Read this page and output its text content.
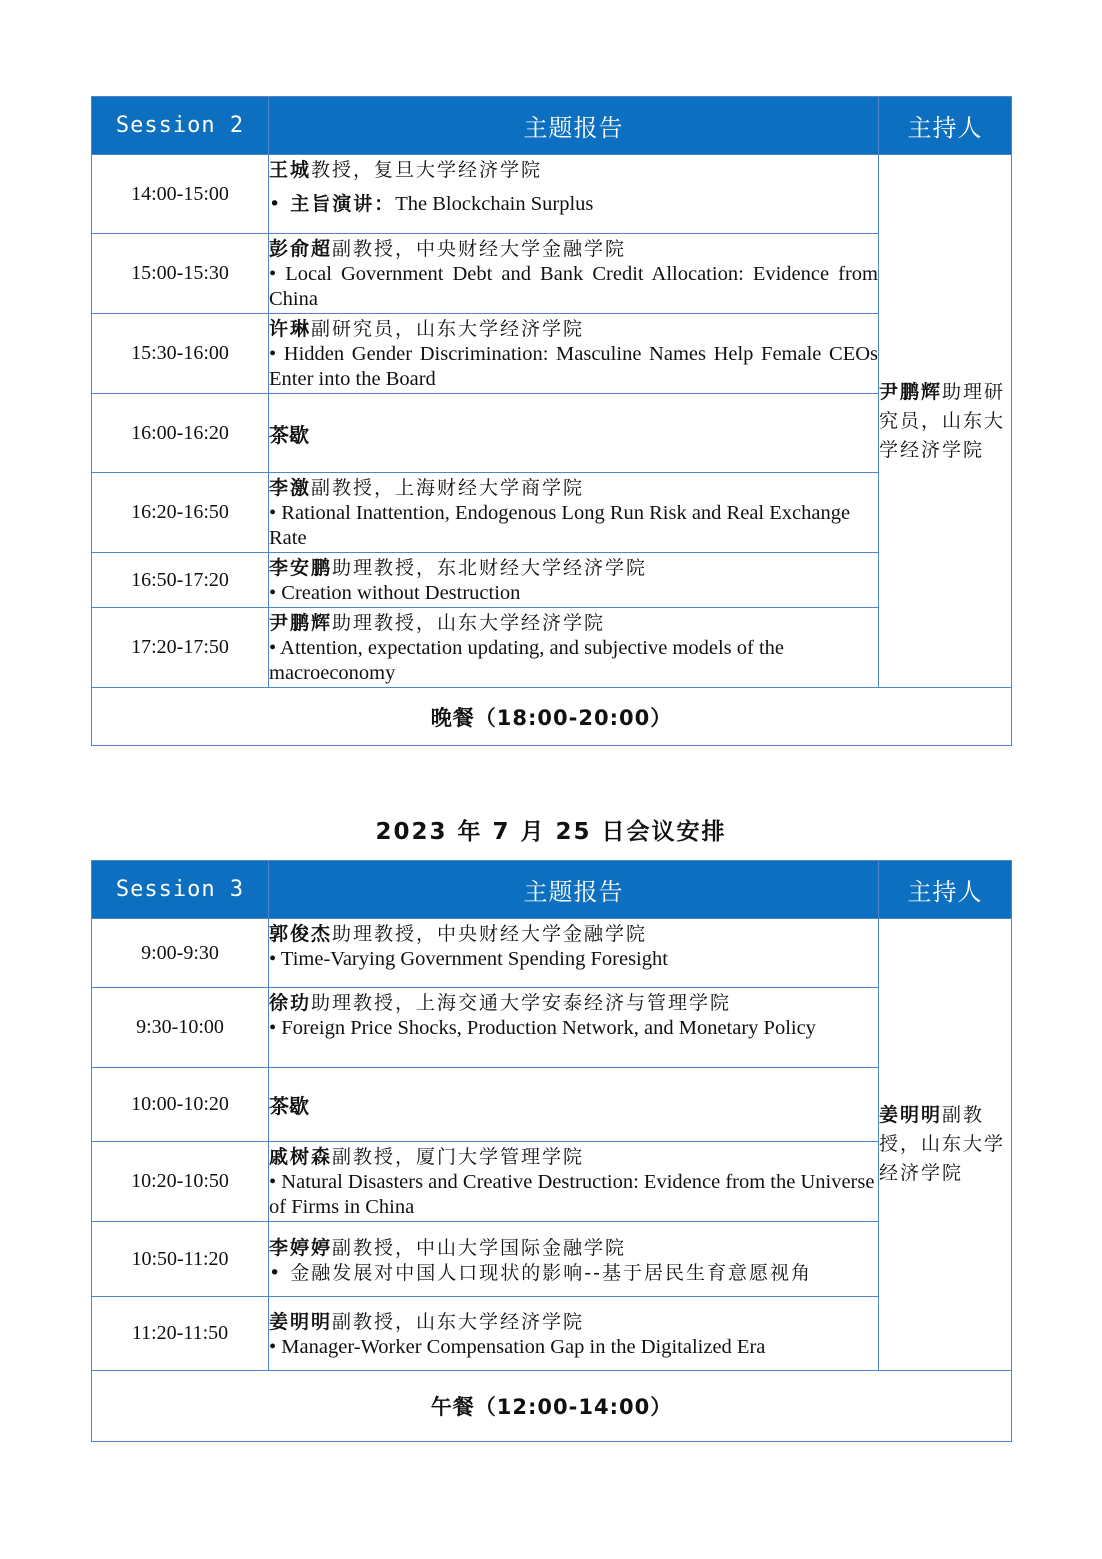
Session 2	主题报告	主持人
14:00-15:00	王城教授，复旦大学经济学院
• 主旨演讲：The Blockchain Surplus	尹鹏辉助理研究员，山东大学经济学院
15:00-15:30	彭俞超副教授，中央财经大学金融学院
• Local Government Debt and Bank Credit Allocation: Evidence from China	

15:30-16:00	许琳副研究员，山东大学经济学院
• Hidden Gender Discrimination: Masculine Names Help Female CEOs Enter into the Board	

16:00-16:20	茶歇	

16:20-16:50	李激副教授，上海财经大学商学院
• Rational Inattention, Endogenous Long Run Risk and Real Exchange Rate	

16:50-17:20	李安鹏助理教授，东北财经大学经济学院
• Creation without Destruction	

17:20-17:50	尹鹏辉助理教授，山东大学经济学院
• Attention, expectation updating, and subjective models of the macroeconomy	

晚餐（18:00-20:00）		
2023 年 7 月 25 日会议安排
Session 3	主题报告	主持人
9:00-9:30	郭俊杰助理教授，中央财经大学金融学院
• Time-Varying Government Spending Foresight	姜明明副教授，山东大学经济学院
9:30-10:00	徐玏助理教授，上海交通大学安泰经济与管理学院
• Foreign Price Shocks, Production Network, and Monetary Policy	

10:00-10:20	茶歇	

10:20-10:50	戚树森副教授，厦门大学管理学院
• Natural Disasters and Creative Destruction: Evidence from the Universe of Firms in China	

10:50-11:20	李婷婷副教授，中山大学国际金融学院
• 金融发展对中国人口现状的影响--基于居民生育意愿视角	

11:20-11:50	姜明明副教授，山东大学经济学院
• Manager-Worker Compensation Gap in the Digitalized Era	

午餐（12:00-14:00）		
